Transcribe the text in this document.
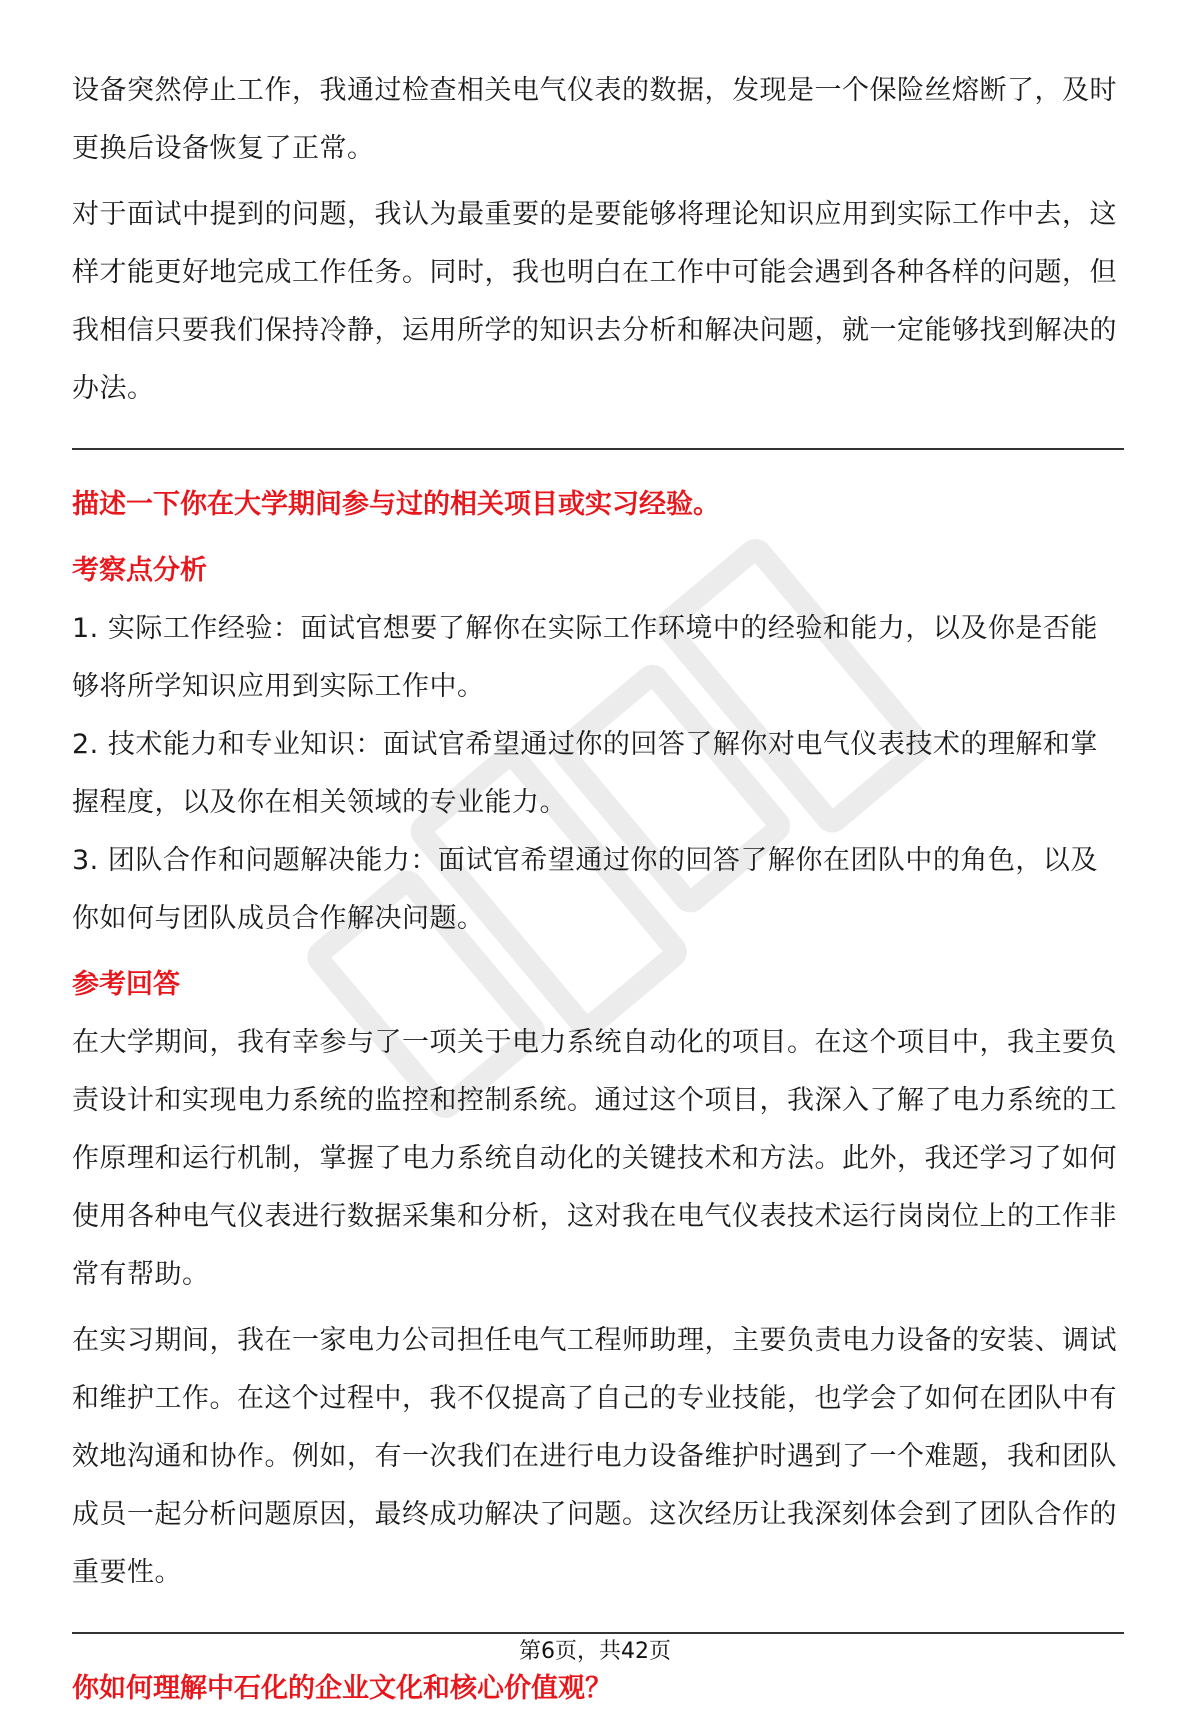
设备突然停止工作，我通过检查相关电气仪表的数据，发现是一个保险丝熔断了，及时更换后设备恢复了正常。

对于面试中提到的问题，我认为最重要的是要能够将理论知识应用到实际工作中去，这样才能更好地完成工作任务。同时，我也明白在工作中可能会遇到各种各样的问题，但我相信只要我们保持冷静，运用所学的知识去分析和解决问题，就一定能够找到解决的办法。

描述一下你在大学期间参与过的相关项目或实习经验。

考察点分析

1. 实际工作经验：面试官想要了解你在实际工作环境中的经验和能力，以及你是否能够将所学知识应用到实际工作中。

2. 技术能力和专业知识：面试官希望通过你的回答了解你对电气仪表技术的理解和掌握程度，以及你在相关领域的专业能力。

3. 团队合作和问题解决能力：面试官希望通过你的回答了解你在团队中的角色，以及你如何与团队成员合作解决问题。

参考回答

在大学期间，我有幸参与了一项关于电力系统自动化的项目。在这个项目中，我主要负责设计和实现电力系统的监控和控制系统。通过这个项目，我深入了解了电力系统的工作原理和运行机制，掌握了电力系统自动化的关键技术和方法。此外，我还学习了如何使用各种电气仪表进行数据采集和分析，这对我在电气仪表技术运行岗岗位上的工作非常有帮助。

在实习期间，我在一家电力公司担任电气工程师助理，主要负责电力设备的安装、调试和维护工作。在这个过程中，我不仅提高了自己的专业技能，也学会了如何在团队中有效地沟通和协作。例如，有一次我们在进行电力设备维护时遇到了一个难题，我和团队成员一起分析问题原因，最终成功解决了问题。这次经历让我深刻体会到了团队合作的重要性。

你如何理解中石化的企业文化和核心价值观？

第6页，共42页
